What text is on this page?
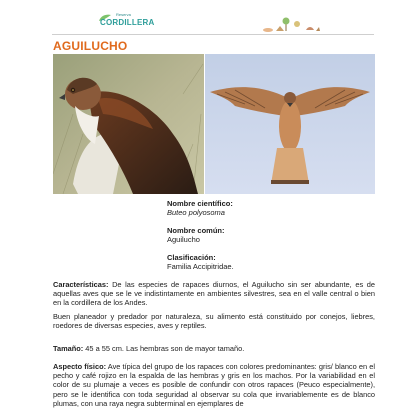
Reserva
CORDILLERA
AGUILUCHO
Nombre científico:
Buteo polyosoma
Nombre común:
Aguilucho
Clasificación:
Familia Accipitridae.
Características: De las especies de rapaces diurnos, el Aguilucho sin ser abundante, es de aquellas aves que se le ve indistintamente en ambientes silvestres, sea en el valle central o bien en la cordillera de los Andes.
Buen planeador y predador por naturaleza, su alimento está constituido por conejos, liebres, roedores de diversas especies, aves y reptiles.
Tamaño: 45 a 55 cm. Las hembras son de mayor tamaño.
Aspecto físico: Ave típica del grupo de los rapaces con colores predominantes: gris/ blanco en el pecho y café rojizo en la espalda de las hembras y gris en los machos. Por la variabilidad en el color de su plumaje a veces es posible de confundir con otros rapaces (Peuco especialmente), pero se le identifica con toda seguridad al observar su cola que invariablemente es de blanco plumas, con una raya negra subterminal en ejemplares de
